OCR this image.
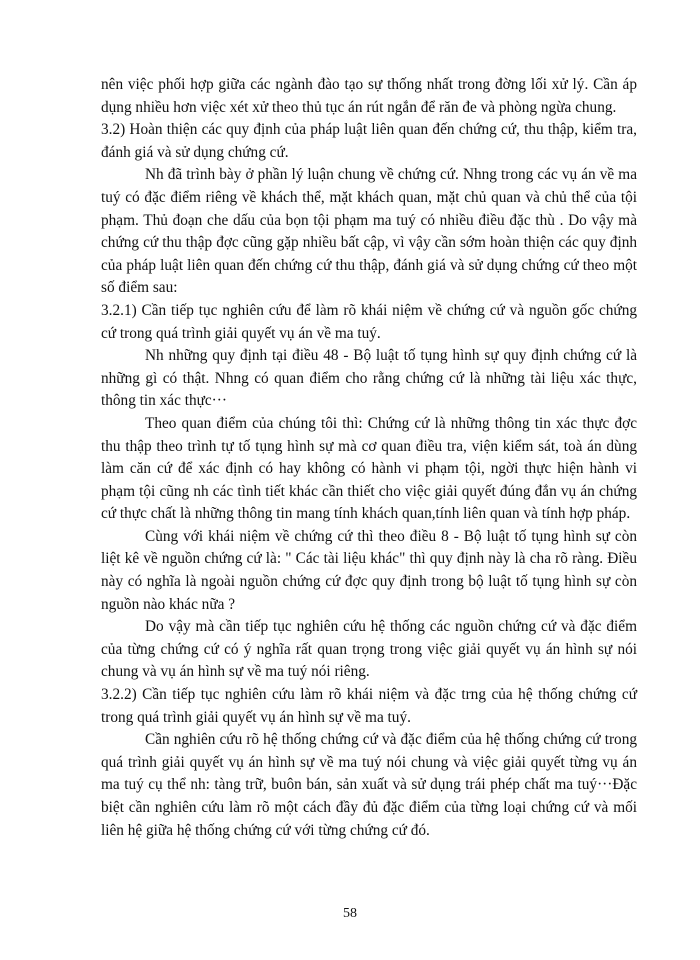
nên việc phối hợp giữa các ngành đào tạo sự thống nhất trong đờng lối xử lý. Cần áp dụng nhiều hơn việc xét xử theo thủ tục án rút ngắn để răn đe và phòng ngừa chung.

3.2) Hoàn thiện các quy định của pháp luật liên quan đến chứng cứ, thu thập, kiểm tra, đánh giá và sử dụng chứng cứ.

Nh đã trình bày ở phần lý luận chung về chứng cứ. Nhng trong các vụ án về ma tuý có đặc điểm riêng về khách thể, mặt khách quan, mặt chủ quan và chủ thể của tội phạm. Thủ đoạn che dấu của bọn tội phạm ma tuý có nhiều điều đặc thù . Do vậy mà chứng cứ thu thập đợc cũng gặp nhiều bất cập, vì vậy cần sớm hoàn thiện các quy định của pháp luật liên quan đến chứng cứ thu thập, đánh giá và sử dụng chứng cứ theo một số điểm sau:

3.2.1) Cần tiếp tục nghiên cứu để làm rõ khái niệm về chứng cứ và nguồn gốc chứng cứ trong quá trình giải quyết vụ án về ma tuý.

Nh những quy định tại điều 48 - Bộ luật tố tụng hình sự quy định chứng cứ là những gì có thật. Nhng có quan điểm cho rằng chứng cứ là những tài liệu xác thực, thông tin xác thực···

Theo quan điểm của chúng tôi thì: Chứng cứ là những thông tin xác thực đợc thu thập theo trình tự tố tụng hình sự mà cơ quan điều tra, viện kiểm sát, toà án dùng làm căn cứ để xác định có hay không có hành vi phạm tội, ngời thực hiện hành vi phạm tội cũng nh các tình tiết khác cần thiết cho việc giải quyết đúng đắn vụ án chứng cứ thực chất là những thông tin mang tính khách quan,tính liên quan và tính hợp pháp.

Cùng với khái niệm về chứng cứ thì theo điều 8 - Bộ luật tố tụng hình sự còn liệt kê về nguồn chứng cứ là: " Các tài liệu khác" thì quy định này là cha rõ ràng. Điều này có nghĩa là ngoài nguồn chứng cứ đợc quy định trong bộ luật tố tụng hình sự còn nguồn nào khác nữa ?

Do vậy mà cần tiếp tục nghiên cứu hệ thống các nguồn chứng cứ và đặc điểm của từng chứng cứ có ý nghĩa rất quan trọng trong việc giải quyết vụ án hình sự nói chung và vụ án hình sự về ma tuý nói riêng.

3.2.2) Cần tiếp tục nghiên cứu làm rõ khái niệm và đặc trng của hệ thống chứng cứ trong quá trình giải quyết vụ án hình sự về ma tuý.

Cần nghiên cứu rõ hệ thống chứng cứ và đặc điểm của hệ thống chứng cứ trong quá trình giải quyết vụ án hình sự về ma tuý nói chung và việc giải quyết từng vụ án ma tuý cụ thể nh: tàng trữ, buôn bán, sản xuất và sử dụng trái phép chất ma tuý···Đặc biệt cần nghiên cứu làm rõ một cách đầy đủ đặc điểm của từng loại chứng cứ và mối liên hệ giữa hệ thống chứng cứ với từng chứng cứ đó.

58
